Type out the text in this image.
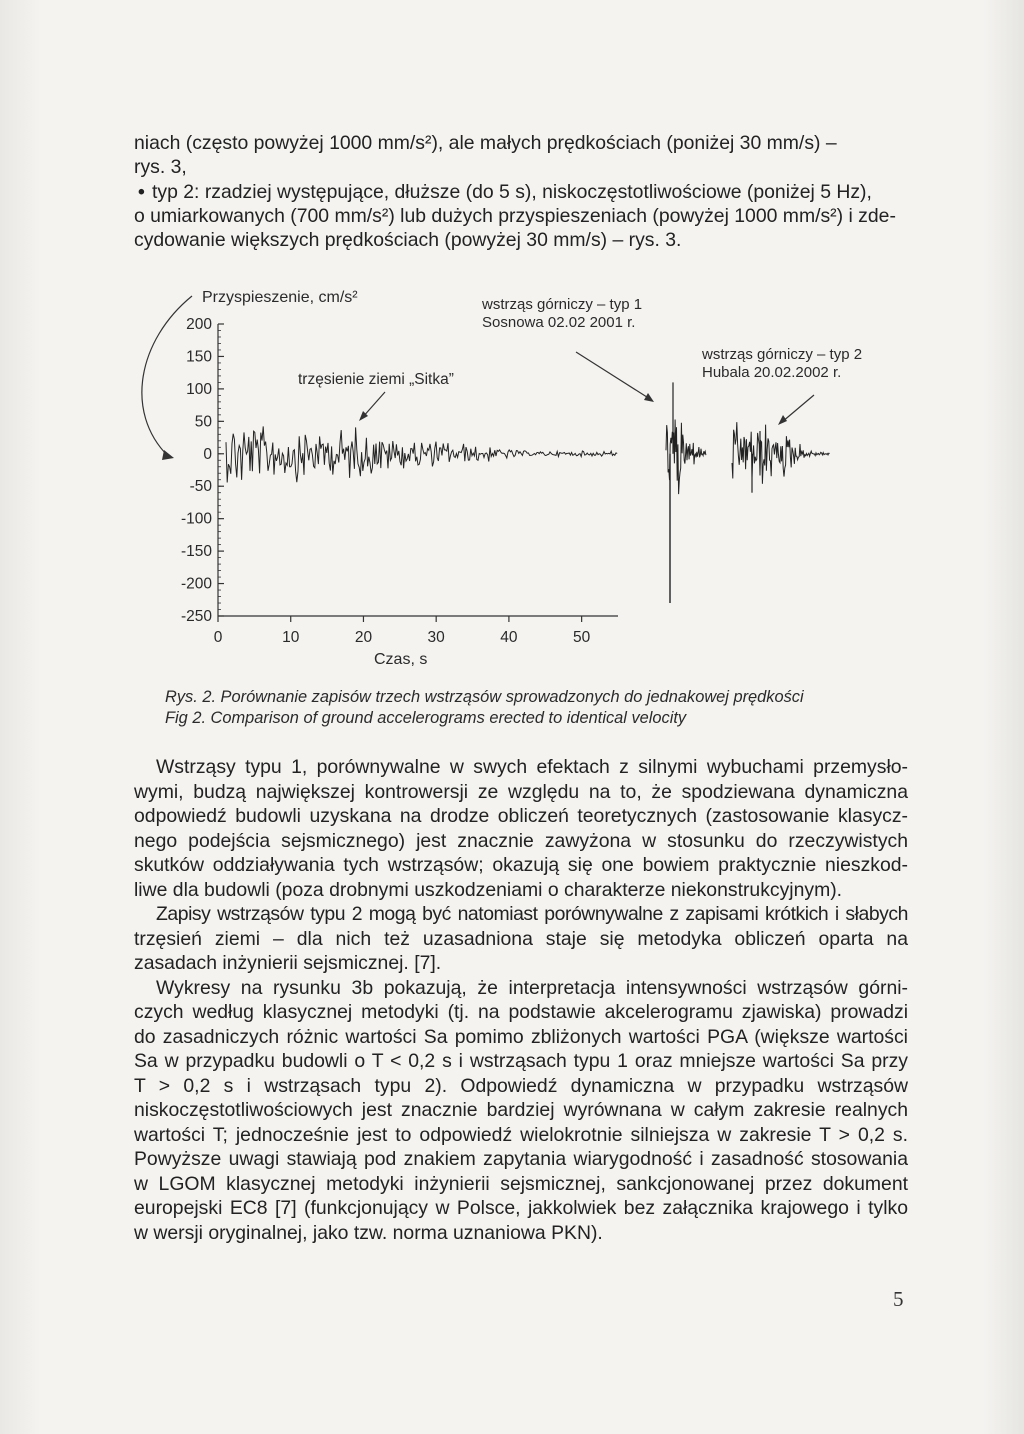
niach (często powyżej 1000 mm/s²), ale małych prędkościach (poniżej 30 mm/s) –
rys. 3,
• typ 2: rzadziej występujące, dłuższe (do 5 s), niskoczęstotliwościowe (poniżej 5 Hz),
o umiarkowanych (700 mm/s²) lub dużych przyspieszeniach (powyżej 1000 mm/s²) i zde-
cydowanie większych prędkościach (powyżej 30 mm/s) – rys. 3.
200
150
100
50
0
-50
-100
-150
-200
-250
0	10	20	30	40	50
Przyspieszenie, cm/s²
Czas, s
trzęsienie ziemi „Sitka”
wstrząs górniczy – typ 1
Sosnowa 02.02 2001 r.
wstrząs górniczy – typ 2
Hubala 20.02.2002 r.
Rys. 2. Porównanie zapisów trzech wstrząsów sprowadzonych do jednakowej prędkości
Fig 2. Comparison of ground accelerograms erected to identical velocity
Wstrząsy typu 1, porównywalne w swych efektach z silnymi wybuchami przemysło-
wymi, budzą największej kontrowersji ze względu na to, że spodziewana dynamiczna
odpowiedź budowli uzyskana na drodze obliczeń teoretycznych (zastosowanie klasycz-
nego podejścia sejsmicznego) jest znacznie zawyżona w stosunku do rzeczywistych
skutków oddziaływania tych wstrząsów; okazują się one bowiem praktycznie nieszkod-
liwe dla budowli (poza drobnymi uszkodzeniami o charakterze niekonstrukcyjnym).
Zapisy wstrząsów typu 2 mogą być natomiast porównywalne z zapisami krótkich i słabych
trzęsień ziemi – dla nich też uzasadniona staje się metodyka obliczeń oparta na
zasadach inżynierii sejsmicznej. [7].
Wykresy na rysunku 3b pokazują, że interpretacja intensywności wstrząsów górni-
czych według klasycznej metodyki (tj. na podstawie akcelerogramu zjawiska) prowadzi
do zasadniczych różnic wartości Sa pomimo zbliżonych wartości PGA (większe wartości
Sa w przypadku budowli o T < 0,2 s i wstrząsach typu 1 oraz mniejsze wartości Sa przy
T > 0,2 s i wstrząsach typu 2). Odpowiedź dynamiczna w przypadku wstrząsów
niskoczęstotliwościowych jest znacznie bardziej wyrównana w całym zakresie realnych
wartości T; jednocześnie jest to odpowiedź wielokrotnie silniejsza w zakresie T > 0,2 s.
Powyższe uwagi stawiają pod znakiem zapytania wiarygodność i zasadność stosowania
w LGOM klasycznej metodyki inżynierii sejsmicznej, sankcjonowanej przez dokument
europejski EC8 [7] (funkcjonujący w Polsce, jakkolwiek bez załącznika krajowego i tylko
w wersji oryginalnej, jako tzw. norma uznaniowa PKN).
5
